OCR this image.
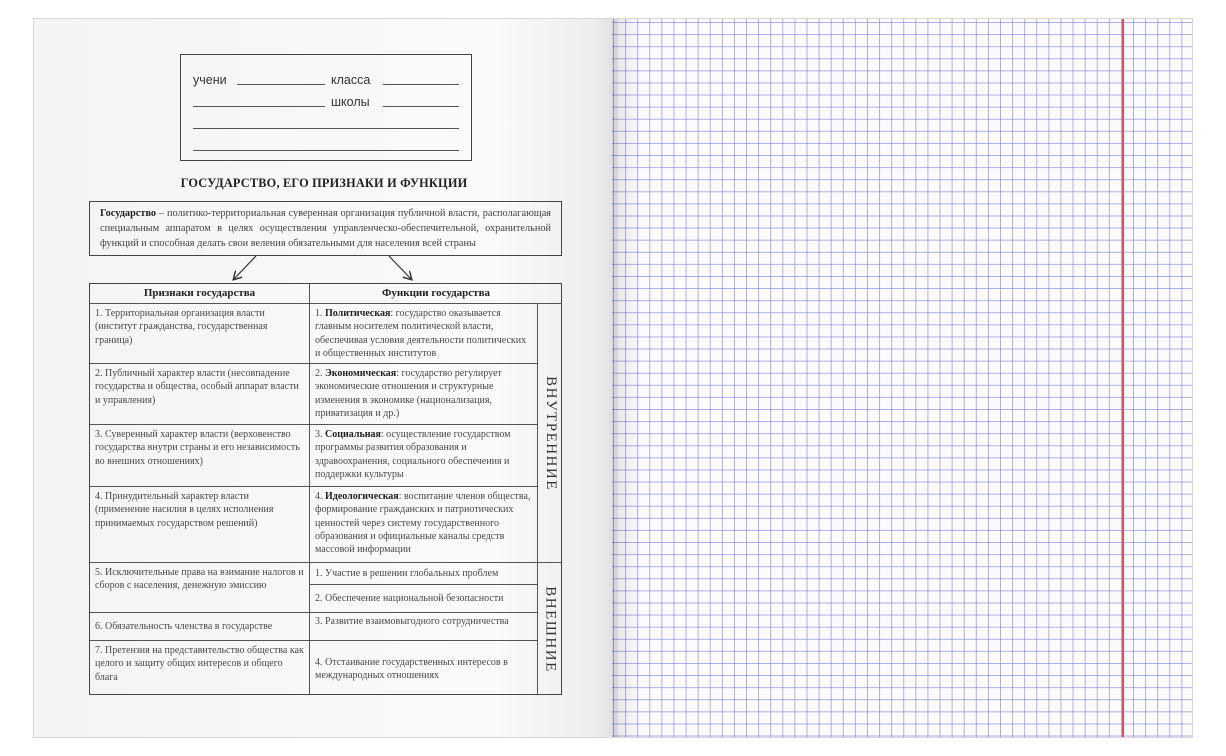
учени	класса
школы
ГОСУДАРСТВО, ЕГО ПРИЗНАКИ И ФУНКЦИИ
Государство – политико-территориальная суверенная организация публичной власти, располагающая специальным аппаратом в целях осуществления управленческо-обеспечительной, охранительной функций и способная делать свои веления обязательными для населения всей страны
Признаки государства	Функции государства
1. Территориальная организация власти (институт гражданства, государственная граница)
2. Публичный характер власти (несовпадение государства и общества, особый аппарат власти и управления)
3. Суверенный характер власти (верховенство государства внутри страны и его независимость во внешних отношениях)
4. Принудительный характер власти (применение насилия в целях исполнения принимаемых государством решений)
5. Исключительные права на взимание налогов и сборов с населения, денежную эмиссию
6. Обязательность членства в государстве
7. Претензия на представительство общества как целого и защиту общих интересов и общего блага
1. Политическая: государство оказывается главным носителем политической власти, обеспечивая условия деятельности политических и общественных институтов
2. Экономическая: государство регулирует экономические отношения и структурные изменения в экономике (национализация, приватизация и др.)
3. Социальная: осуществление государством программы развития образования и здравоохранения, социального обеспечения и поддержки культуры
4. Идеологическая: воспитание членов общества, формирование гражданских и патриотических ценностей через систему государственного образования и официальные каналы средств массовой информации
1. Участие в решении глобальных проблем
2. Обеспечение национальной безопасности
3. Развитие взаимовыгодного сотрудничества
4. Отстаивание государственных интересов в международных отношениях
ВНУТРЕННИЕ
ВНЕШНИЕ
